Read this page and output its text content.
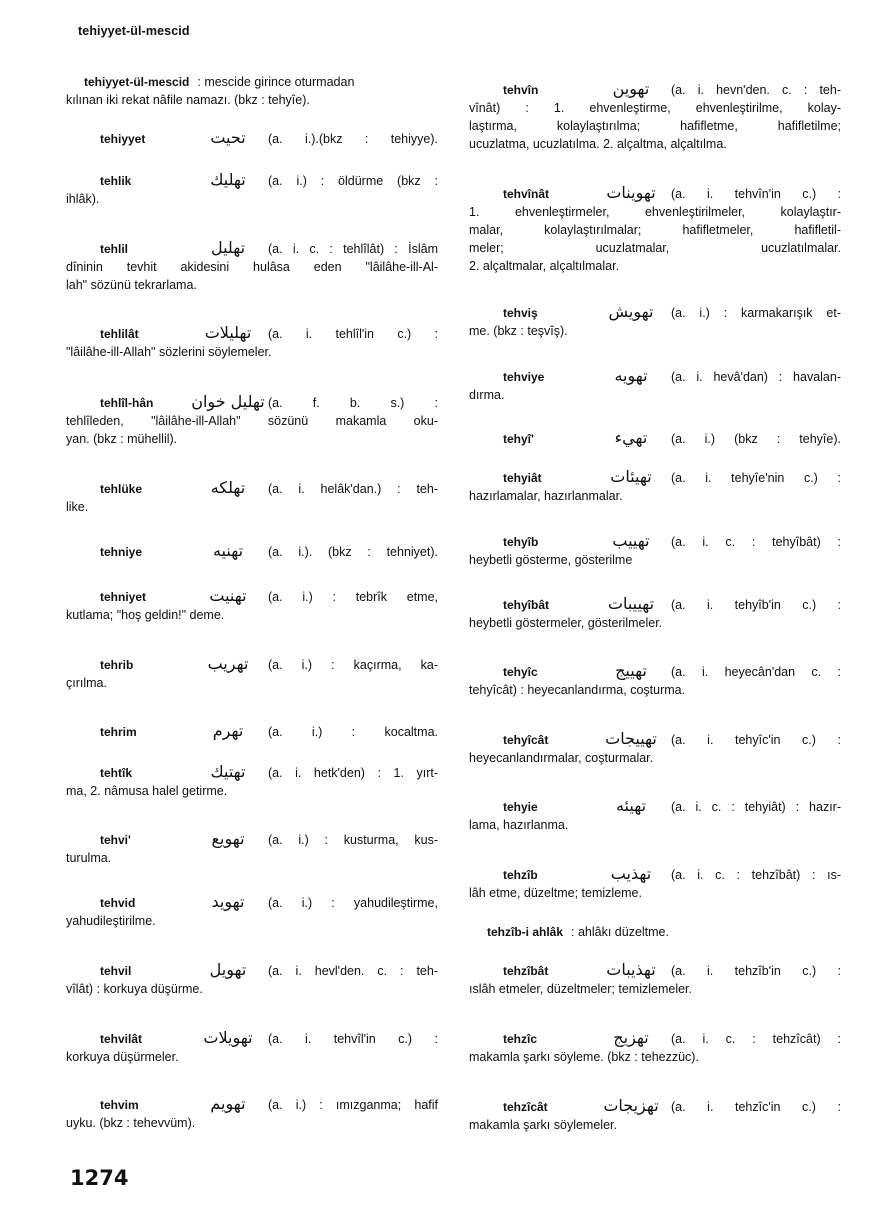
tehiyyet-ül-mescid
tehiyyet-ül-mescid : mescide girince oturmadan
kılınan iki rekat nâfile namazı. (bkz : tehyîe).
tehiyyet	تحيت	(a. i.).(bkz : tehiyye).
tehlik	تهليك	(a. i.) : öldürme (bkz :
ihlâk).
tehlil	تهليل	(a. i. c. : tehlîlât) : İslâm
dîninin tevhit akidesini hulâsa eden "lâilâhe-ill-Al-
lah" sözünü tekrarlama.
tehlilât	تهليلات	(a. i. tehlîl'in c.) :
"lâilâhe-ill-Allah" sözlerini söylemeler.
tehlîl-hân	تهليل خوان (a. f. b. s.) :
tehlîleden, "lâilâhe-ill-Allah" sözünü makamla oku-
yan. (bkz : mühellil).
tehlüke	تهلكه	(a. i. helâk'dan.) : teh-
like.
tehniye	تهنيه	(a. i.). (bkz : tehniyet).
tehniyet	تهنيت	(a. i.) : tebrîk etme,
kutlama; "hoş geldin!" deme.
tehrib	تهريب	(a. i.) : kaçırma, ka-
çırılma.
tehrim	تهرم	(a. i.) : kocaltma.
tehtîk	تهتيك	(a. i. hetk'den) : 1. yırt-
ma, 2. nâmusa halel getirme.
tehvi'	تهويع	(a. i.) : kusturma, kus-
turulma.
tehvid	تهويد	(a. i.) : yahudileştirme,
yahudileştirilme.
tehvil	تهويل	(a. i. hevl'den. c. : teh-
vîlât) : korkuya düşürme.
tehvilât	تهويلات	(a. i. tehvîl'in c.) :
korkuya düşürmeler.
tehvim	تهويم	(a. i.) : ımızganma; hafif
uyku. (bkz : tehevvüm).
tehvîn	تهوين	(a. i. hevn'den. c. : teh-
vînât) : 1. ehvenleştirme, ehvenleştirilme, kolay-
laştırma, kolaylaştırılma; hafifletme, hafifletilme;
ucuzlatma, ucuzlatılma. 2. alçaltma, alçaltılma.
tehvînât	تهوينات	(a. i. tehvîn'in c.) :
1. ehvenleştirmeler, ehvenleştirilmeler, kolaylaştır-
malar, kolaylaştırılmalar; hafifletmeler, hafifletil-
meler; ucuzlatmalar, ucuzlatılmalar.
2. alçaltmalar, alçaltılmalar.
tehviş	تهويش	(a. i.) : karmakarışık et-
me. (bkz : teşvîş).
tehviye	تهويه	(a. i. hevâ'dan) : havalan-
dırma.
tehyî'	تهيء	(a. i.) (bkz : tehyîe).
tehyiât	تهيئات	(a. i. tehyîe'nin c.) :
hazırlamalar, hazırlanmalar.
tehyîb	تهييب	(a. i. c. : tehyîbât) :
heybetli gösterme, gösterilme
tehyîbât	تهييبات	(a. i. tehyîb'in c.) :
heybetli göstermeler, gösterilmeler.
tehyîc	تهييج	(a. i. heyecân'dan c. :
tehyîcât) : heyecanlandırma, coşturma.
tehyîcât	تهييجات	(a. i. tehyîc'in c.) :
heyecanlandırmalar, coşturmalar.
tehyie	تهيئه	(a. i. c. : tehyiât) : hazır-
lama, hazırlanma.
tehzîb	تهذيب	(a. i. c. : tehzîbât) : ıs-
lâh etme, düzeltme; temizleme.
tehzîb-i ahlâk : ahlâkı düzeltme.
tehzîbât	تهذيبات	(a. i. tehzîb'in c.) :
ıslâh etmeler, düzeltmeler; temizlemeler.
tehzîc	تهزيج	(a. i. c. : tehzîcât) :
makamla şarkı söyleme. (bkz : tehezzüc).
tehzîcât	تهزيجات (a. i. tehzîc'in c.) :
makamla şarkı söylemeler.
1274
